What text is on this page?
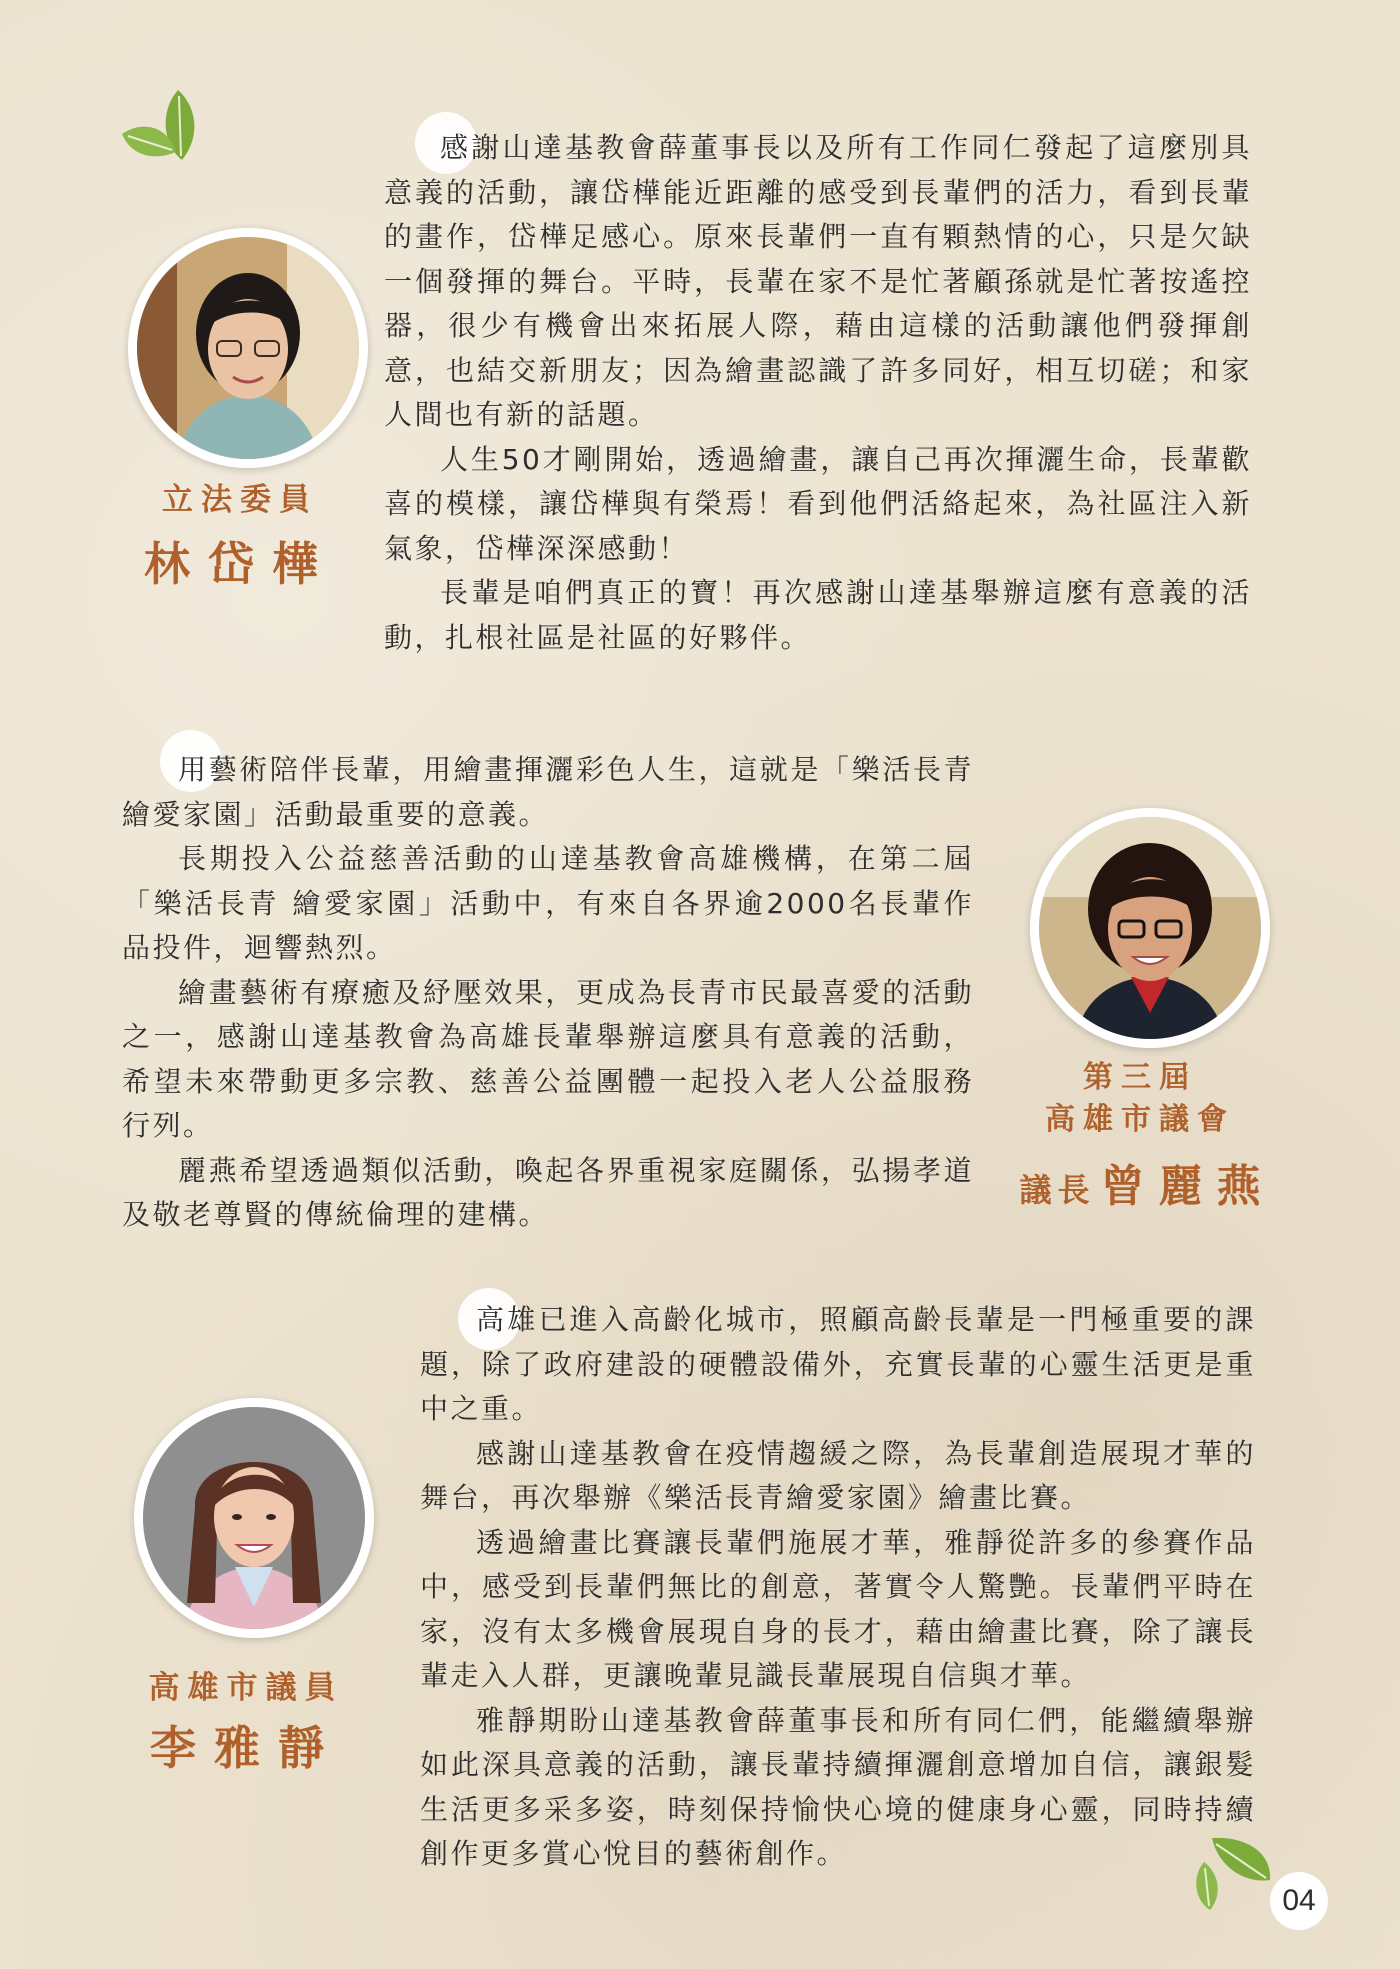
感謝山達基教會薛董事長以及所有工作同仁發起了這麼別具意義的活動，讓岱樺能近距離的感受到長輩們的活力，看到長輩的畫作，岱樺足感心。原來長輩們一直有顆熱情的心，只是欠缺一個發揮的舞台。平時，長輩在家不是忙著顧孫就是忙著按遙控器，很少有機會出來拓展人際，藉由這樣的活動讓他們發揮創意，也結交新朋友；因為繪畫認識了許多同好，相互切磋；和家人間也有新的話題。

人生50才剛開始，透過繪畫，讓自己再次揮灑生命，長輩歡喜的模樣，讓岱樺與有榮焉！看到他們活絡起來，為社區注入新氣象，岱樺深深感動！

長輩是咱們真正的寶！再次感謝山達基舉辦這麼有意義的活動，扎根社區是社區的好夥伴。

立法委員
林岱樺

用藝術陪伴長輩，用繪畫揮灑彩色人生，這就是「樂活長青 繪愛家園」活動最重要的意義。

長期投入公益慈善活動的山達基教會高雄機構，在第二屆「樂活長青 繪愛家園」活動中，有來自各界逾2000名長輩作品投件，迴響熱烈。

繪畫藝術有療癒及紓壓效果，更成為長青市民最喜愛的活動之一，感謝山達基教會為高雄長輩舉辦這麼具有意義的活動，希望未來帶動更多宗教、慈善公益團體一起投入老人公益服務行列。

麗燕希望透過類似活動，喚起各界重視家庭關係，弘揚孝道及敬老尊賢的傳統倫理的建構。

第三屆
高雄市議會
議長 曾麗燕

高雄已進入高齡化城市，照顧高齡長輩是一門極重要的課題，除了政府建設的硬體設備外，充實長輩的心靈生活更是重中之重。

感謝山達基教會在疫情趨緩之際，為長輩創造展現才華的舞台，再次舉辦《樂活長青繪愛家園》繪畫比賽。

透過繪畫比賽讓長輩們施展才華，雅靜從許多的參賽作品中，感受到長輩們無比的創意，著實令人驚艷。長輩們平時在家，沒有太多機會展現自身的長才，藉由繪畫比賽，除了讓長輩走入人群，更讓晚輩見識長輩展現自信與才華。

雅靜期盼山達基教會薛董事長和所有同仁們，能繼續舉辦如此深具意義的活動，讓長輩持續揮灑創意增加自信，讓銀髮生活更多采多姿，時刻保持愉快心境的健康身心靈，同時持續創作更多賞心悅目的藝術創作。

高雄市議員
李雅靜
04
